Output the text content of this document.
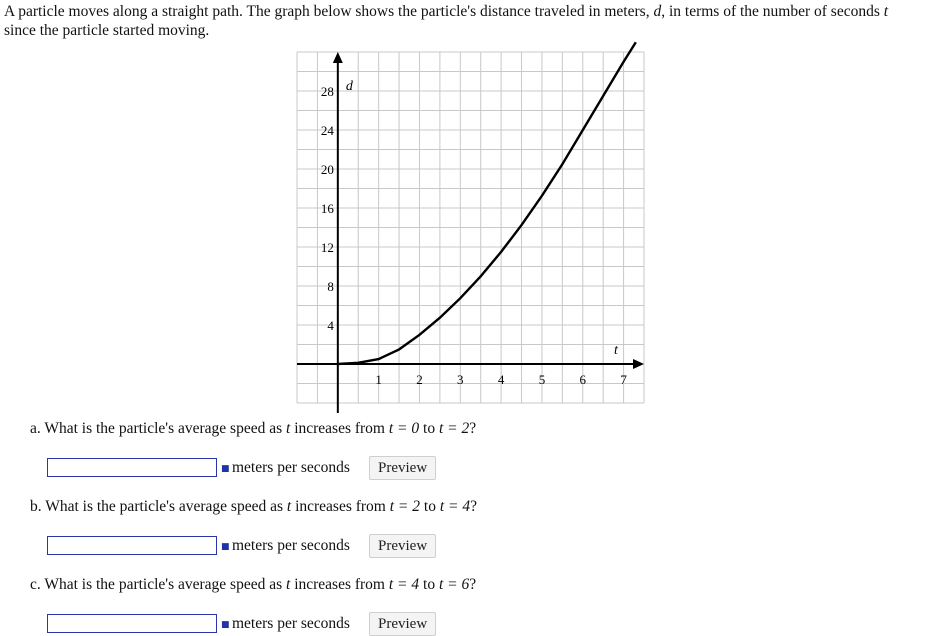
A particle moves along a straight path. The graph below shows the particle's distance traveled in meters, d, in terms of the number of seconds t since the particle started moving.

1	2	3	4	5	6	7
4
8
12
16
20
24
28 d
t

a. What is the particle's average speed as t increases from t = 0 to t = 2?

■ meters per seconds	Preview

b. What is the particle's average speed as t increases from t = 2 to t = 4?

■ meters per seconds	Preview

c. What is the particle's average speed as t increases from t = 4 to t = 6?

■ meters per seconds	Preview
